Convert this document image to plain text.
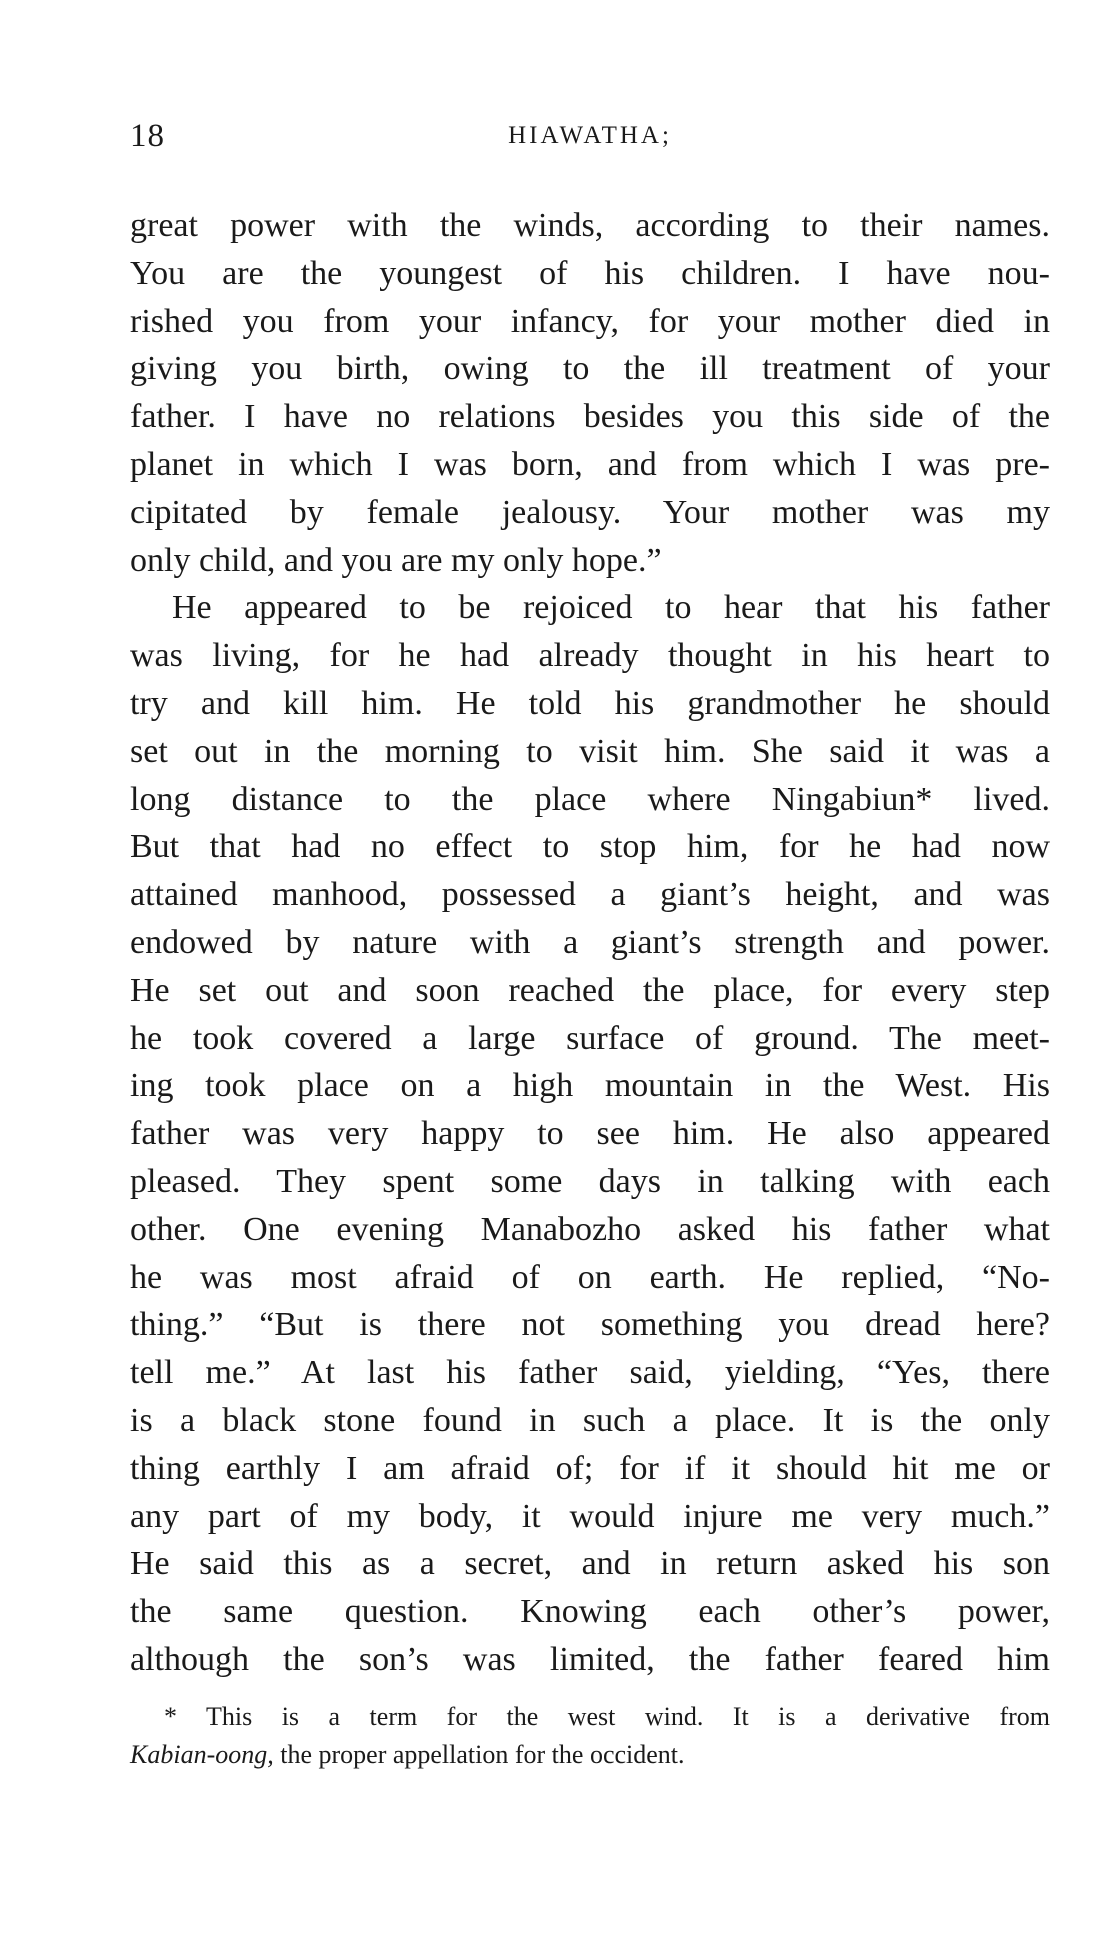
18	HIAWATHA;
great power with the winds, according to their names.
You are the youngest of his children. I have nou-
rished you from your infancy, for your mother died in
giving you birth, owing to the ill treatment of your
father. I have no relations besides you this side of the
planet in which I was born, and from which I was pre-
cipitated by female jealousy. Your mother was my
only child, and you are my only hope.”
He appeared to be rejoiced to hear that his father
was living, for he had already thought in his heart to
try and kill him. He told his grandmother he should
set out in the morning to visit him. She said it was a
long distance to the place where Ningabiun* lived.
But that had no effect to stop him, for he had now
attained manhood, possessed a giant’s height, and was
endowed by nature with a giant’s strength and power.
He set out and soon reached the place, for every step
he took covered a large surface of ground. The meet-
ing took place on a high mountain in the West. His
father was very happy to see him. He also appeared
pleased. They spent some days in talking with each
other. One evening Manabozho asked his father what
he was most afraid of on earth. He replied, “No-
thing.” “But is there not something you dread here?
tell me.” At last his father said, yielding, “Yes, there
is a black stone found in such a place. It is the only
thing earthly I am afraid of; for if it should hit me or
any part of my body, it would injure me very much.”
He said this as a secret, and in return asked his son
the same question. Knowing each other’s power,
although the son’s was limited, the father feared him
* This is a term for the west wind. It is a derivative from
Kabian-oong, the proper appellation for the occident.
